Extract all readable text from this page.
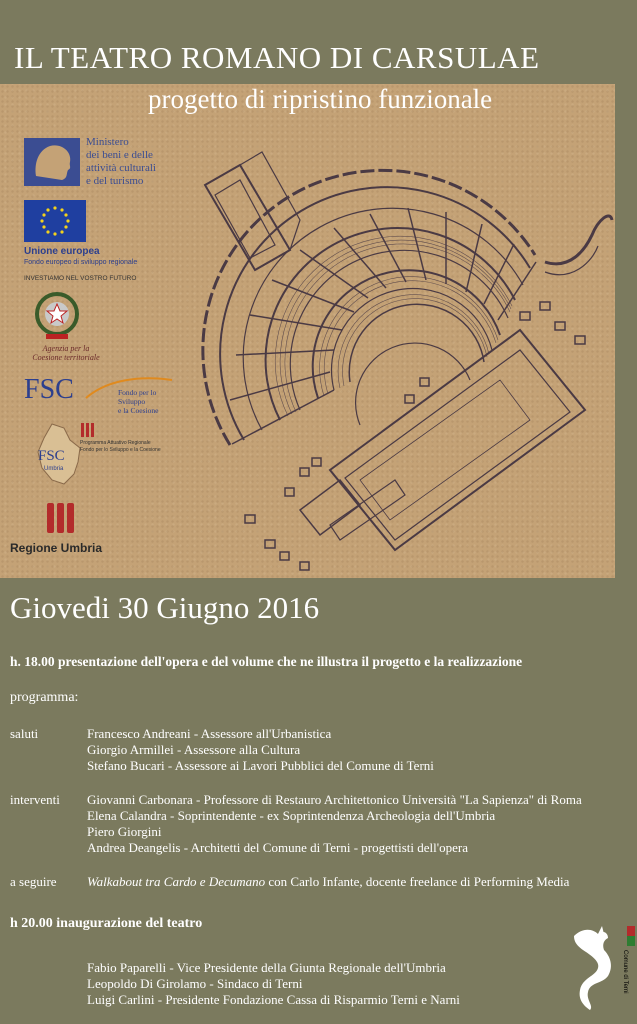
IL TEATRO ROMANO DI CARSULAE
Ministero
dei beni e delle
attività culturali
e del turismo
Unione europea
Fondo europeo di sviluppo regionale
INVESTIAMO NEL VOSTRO FUTURO
Agenzia per la
Coesione territoriale
FSC	Fondo per lo Sviluppo
e la Coesione
FSC
Umbria
Programma Attuativo Regionale
Fondo per lo Sviluppo e la Coesione
Regione Umbria
progetto di ripristino funzionale
Giovedi 30 Giugno 2016
h. 18.00 presentazione dell'opera e del volume che ne illustra il progetto e la realizzazione
programma:
saluti	Francesco Andreani - Assessore all'Urbanistica
Giorgio Armillei - Assessore alla Cultura
Stefano Bucari - Assessore ai Lavori Pubblici del Comune di Terni
interventi Giovanni Carbonara - Professore di Restauro Architettonico Università "La Sapienza" di Roma
Elena Calandra - Soprintendente - ex Soprintendenza Archeologia dell'Umbria
Piero Giorgini
Andrea Deangelis - Architetti del Comune di Terni - progettisti dell'opera
a seguire Walkabout tra Cardo e Decumano con Carlo Infante, docente freelance di Performing Media
h 20.00 inaugurazione del teatro
Fabio Paparelli - Vice Presidente della Giunta Regionale dell'Umbria
Leopoldo Di Girolamo - Sindaco di Terni
Luigi Carlini - Presidente Fondazione Cassa di Risparmio Terni e Narni
Comune di Terni
